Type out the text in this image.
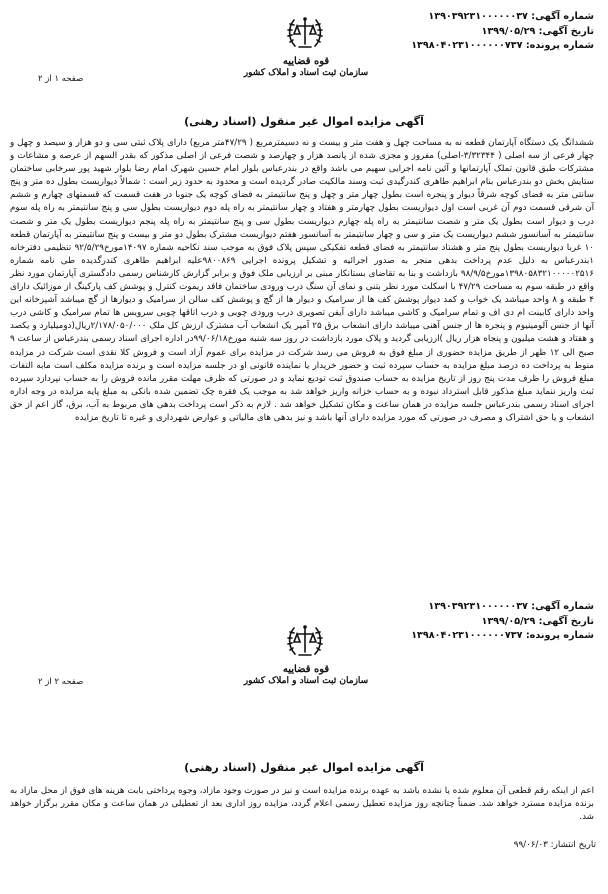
شماره آگهی: ۱۳۹۰۳۹۲۳۱۰۰۰۰۰۰۳۷
تاریخ آگهی: ۱۳۹۹/۰۵/۲۹
شماره پرونده: ۱۳۹۸۰۴۰۲۳۱۰۰۰۰۰۰۷۳۷
قوه قضاییه
سازمان ثبت اسناد و املاک کشور
صفحه ۱ از ۲
آگهی مزایده اموال غیر منقول (اسناد رهنی)
ششدانگ یک دستگاه آپارتمان قطعه نه به مساحت چهل و هفت متر و بیست و نه دسیمترمربع ( ۴۷/۲۹متر مربع) دارای پلاک ثبتی سی و دو هزار و سیصد و چهل و چهار فرعی از سه اصلی ( ۳/۳۲۳۴۴-اصلی) مفروز و مجزی شده از پانصد هزار و چهارصد و شصت فرعی از اصلی مذکور که بقدر السهم از عرصه و مشاعات و مشترکات طبق قانون تملک آپارتمانها و آئین نامه اجرایی سهیم می باشد واقع در بندرعباس بلوار امام حسین شهرک امام رضا بلوار شهید پور سرخابی ساختمان ستایش بخش دو بندرعباس بنام ابراهیم طاهری کندرگیدی ثبت وسند مالکیت صادر گردیده است و محدود به حدود زیر است : شمالاً دیواریست بطول ده متر و پنج سانتی متر به فضای کوچه شرقاً دیوار و پنجره است بطول چهار متر و چهل و پنج سانتیمتر به فضای کوچه یک جنوبا در هفت قسمت که قسمتهای چهارم و ششم آن شرقی قسمت دوم آن غربی است اول دیواریست بطول چهارمتر و هفتاد و چهار سانتیمتر به راه پله دوم دیواریست بطول سی و پنج سانتیمتر به راه پله سوم درب و دیوار است بطول یک متر و شصت سانتیمتر به راه پله چهارم دیواریست بطول سی و پنج سانتیمتر به راه پله پنجم دیواریست بطول یک متر و شصت سانتیمتر به آسانسور ششم دیواریست یک متر و سی و چهار سانتیمتر به آسانسور هفتم دیواریست مشترک بطول دو متر و بیست و پنج سانتیمتر به آپارتمان قطعه ۱۰ غربا دیواریست بطول پنج متر و هشتاد سانتیمتر به فضای قطعه تفکیکی سپس پلاک فوق به موجب سند نکاحیه شماره ۱۴۰۹۷مورخ۹۲/۵/۲۹ تنظیمی دفترخانه ۱بندرعباس به دلیل عدم پرداخت بدهی منجر به صدور اجرائیه و تشکیل پرونده اجرایی ۹۸۰۰۸۶۹علیه ابراهیم طاهری کندرگدیده طی نامه شماره ۱۳۹۸۰۵۸۳۲۱۰۰۰۰۰۲۵۱۶مورخ۹۸/۹/۵ بازداشت و بنا به تقاضای بستانکار مبنی بر ارزیابی ملک فوق و برابر گزارش کارشناس رسمی دادگستری آپارتمان مورد نظر واقع در طبقه سوم به مساحت ۴۷/۲۹ با اسکلت مورد نظر بتنی و نمای آن سنگ درب ورودی ساختمان فاقد ریموت کنترل و پوشش کف پارکینگ از موزائیک دارای ۴ طبقه و ۸ واحد میباشد یک خواب و کمد دیوار پوشش کف ها از سرامیک و دیوار ها از گچ و پوشش کف سالن از سرامیک و دیوارها از گچ میباشد آشپزخانه این واحد دارای کابینت ام دی اف و تمام سرامیک و کاشی میباشد دارای آیفن تصویری درب ورودی چوبی و درب اتاقها چوبی سرویس ها تمام سرامیک و کاشی درب آنها از جنس آلومینیوم و پنجره ها از جنس آهنی میباشد دارای انشعاب برق ۲۵ آمپر یک انشعاب آب مشترک ارزش کل ملک ۲/۱۷۸/۰۵۰/۰۰۰ریال(دومیلیارد و یکصد و هفتاد و هشت میلیون و پنجاه هزار ریال )ارزیابی گردید و پلاک مورد بازداشت در روز سه شنبه مورخ۹۹/۰۶/۱۸در اداره اجرای اسناد رسمی بندرعباس از ساعت ۹ صبح الی ۱۲ ظهر از طریق مزایده حضوری از مبلغ فوق به فروش می رسد شرکت در مزایده برای عموم آزاد است و فروش کلا نقدی است شرکت در مزایده منوط به پرداخت ده درصد مبلغ مزایده به حساب سپرده ثبت و حضور خریدار یا نماینده قانونی او در جلسه مزایده است و برنده مزایده مکلف است مابه التفات مبلغ فروش را ظرف مدت پنج روز از تاریخ مزایده به حساب صندوق ثبت تودیع نماید و در صورتی که ظرف مهلت مقرر مانده فروش را به حساب نپردازد سپرده ثبت واریز ننماید مبلغ مذکور قابل استرداد نبوده و به حساب خزانه واریز خواهد شد به موجب یک فقره چک تضمین شده بانکی به مبلغ پایه مزایده در وجه اداره اجرای اسناد رسمی بندرعباس جلسه مزایده در همان ساعت و مکان تشکیل خواهد شد . لازم به ذکر است پرداخت بدهی های مربوط به آب، برق، گاز اعم از حق انشعاب و یا حق اشتراک و مصرف در صورتی که مورد مزایده دارای آنها باشد و نیز بدهی های مالیاتی و عوارض شهرداری و غیره تا تاریخ مزایده
شماره آگهی: ۱۳۹۰۳۹۲۳۱۰۰۰۰۰۰۳۷
تاریخ آگهی: ۱۳۹۹/۰۵/۲۹
شماره پرونده: ۱۳۹۸۰۴۰۲۳۱۰۰۰۰۰۰۷۳۷
قوه قضاییه
سازمان ثبت اسناد و املاک کشور
صفحه ۲ از ۲
آگهی مزایده اموال غیر منقول (اسناد رهنی)
اعم از اینکه رقم قطعی آن معلوم شده یا نشده باشد به عهده برنده مزایده است و نیز در صورت وجود مازاد، وجوه پرداختی بابت هزینه های فوق از محل مازاد به برنده مزایده مسترد خواهد شد. ضمناً چنانچه روز مزایده تعطیل رسمی اعلام گردد، مزایده روز اداری بعد از تعطیلی در همان ساعت و مکان مقرر برگزار خواهد شد.
تاریخ انتشار: ۹۹/۰۶/۰۳
